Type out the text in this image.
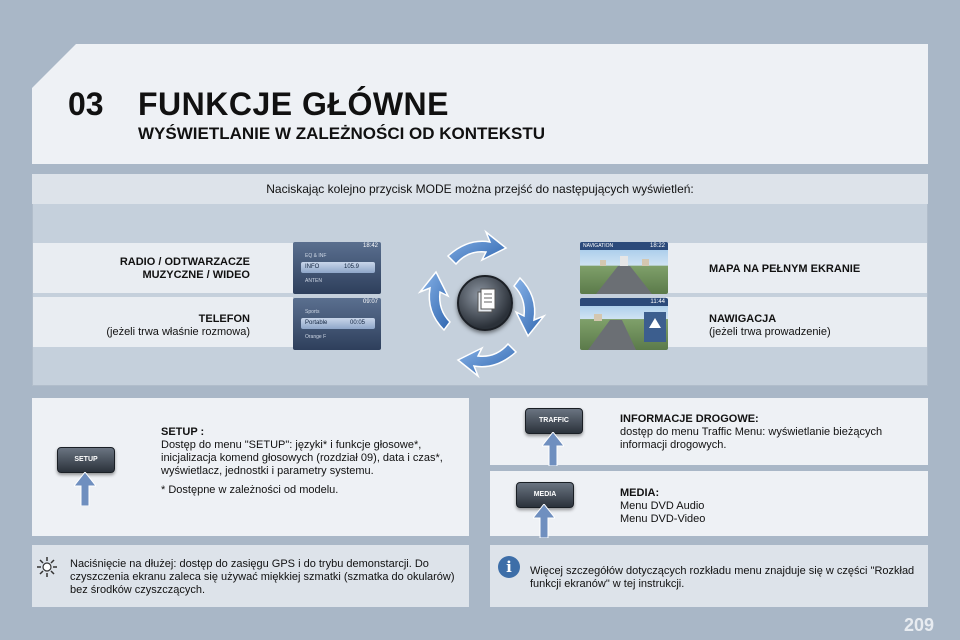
03 FUNKCJE GŁÓWNE
WYŚWIETLANIE W ZALEŻNOŚCI OD KONTEKSTU
Naciskając kolejno przycisk MODE można przejść do następujących wyświetleń:
RADIO / ODTWARZACZE
MUZYCZNE / WIDEO
TELEFON
(jeżeli trwa właśnie rozmowa)
MAPA NA PEŁNYM EKRANIE
NAWIGACJA
(jeżeli trwa prowadzenie)
18:42
EQ & INF
INFO	105.9
ANTEN
09:07
Sports
Portable	00:05
Orange F
NAVIGATION	18:22
11:44
SETUP
SETUP :
Dostęp do menu "SETUP": języki* i funkcje głosowe*, inicjalizacja komend głosowych (rozdział 09), data i czas*, wyświetlacz, jednostki i parametry systemu.
* Dostępne w zależności od modelu.
TRAFFIC	INFORMACJE DROGOWE:
dostęp do menu Traffic Menu: wyświetlanie bieżących informacji drogowych.
MEDIA	MEDIA:
Menu DVD Audio
Menu DVD-Video
Naciśnięcie na dłużej: dostęp do zasięgu GPS i do trybu demonstarcji. Do czyszczenia ekranu zaleca się używać miękkiej szmatki (szmatka do okularów) bez środków czyszczących.
i	Więcej szczegółów dotyczących rozkładu menu znajduje się w części "Rozkład funkcji ekranów" w tej instrukcji.
209
